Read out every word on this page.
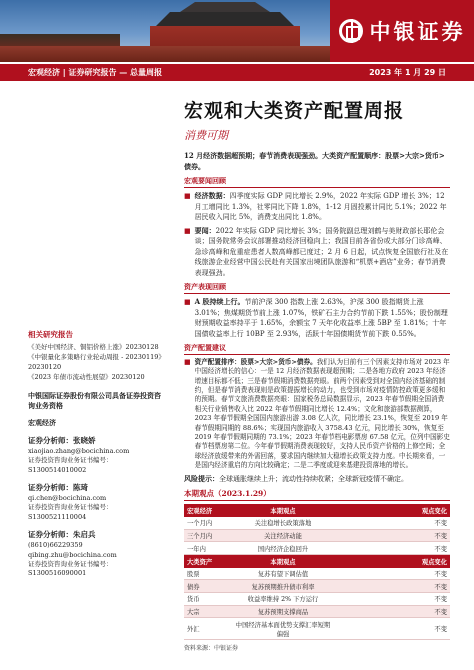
中银证券
宏观经济 | 证券研究报告 — 总量周报	2023 年 1 月 29 日
相关研究报告

《美好中国经济、铜铝价格上涨》20230128

《中银量化多策略行业轮动周报 - 20230119》20230120

《2023 年债市流动性展望》20230120

中银国际证券股份有限公司具备证券投资咨询业务资格
宏观经济
证券分析师：张晓娇
xiaojiao.zhang@bocichina.com
证券投资咨询业务证书编号：S1300514010002
证券分析师：陈琦
qi.chen@bocichina.com
证券投资咨询业务证书编号：S1300521110004
证券分析师：朱启兵
(8610)66229359
qibing.zhu@bocichina.com
证券投资咨询业务证书编号：S1300516090001
宏观和大类资产配置周报
消费可期
12 月经济数据超预期；春节消费表现强劲。大类资产配置顺序：股票>大宗>货币>债券。
宏观要闻回顾
■ 经济数据：四季度实际 GDP 同比增长 2.9%，2022 年实际 GDP 增长 3%；12 月工增同比 1.3%，社零同比下降 1.8%，1-12 月固投累计同比 5.1%；2022 年居民收入同比 5%，消费支出同比 1.8%。
■ 要闻：2022 年实际 GDP 同比增长 3%；国务院副总理刘鹤与美财政部长耶伦会谈；国务院常务会议部署推动经济回稳向上；我国目前各省份或大部分门诊高峰、急诊高峰和危重症患者人数高峰都已度过；2 月 6 日起，试点恢复全国旅行社及在线旅游企业经营中国公民赴有关国家出境团队旅游和“机票+酒店”业务；春节消费表现强劲。
资产表现回顾
■ A 股持续上行。节前沪深 300 指数上涨 2.63%，沪深 300 股指期货上涨 3.01%；焦煤期货节前上涨 1.07%，铁矿石主力合约节前下跌 1.55%；股份制理财预期收益率持平于 1.65%，余额宝 7 天年化收益率上涨 5BP 至 1.81%；十年国债收益率上行 10BP 至 2.93%，活跃十年国债期货节前下跌 0.55%。
资产配置建议
■ 资产配置排序：股票>大宗>货币>债券。我们认为目前有三个因素支持市场对 2023 年中国经济增长的信心：一是 12 月经济数据表现超预期；二是各地方政府 2023 年经济增速目标都不低；三是春节假期消费数据亮眼。前两个因素受到对全国内经济基础的制约，但是春节消费表现则是政策提振增长的动力，也受到市场对疫情防控政策更多缓和的预期。春节文旅消费数据亮眼：国家税务总局数据显示，2023 年春节假期全国消费相关行业销售收入比 2022 年春节假期同比增长 12.4%；文化和旅游部数据测算，2023 年春节假期全国国内旅游出游 3.08 亿人次，同比增长 23.1%，恢复至 2019 年春节假期同期的 88.6%；实现国内旅游收入 3758.43 亿元，同比增长 30%，恢复至 2019 年春节假期同期的 73.1%；2023 年春节档电影票房 67.58 亿元，位列中国影史春节档票房第二位。今年春节假期消费表现较好，支持人民币资产价格的上修空间；全球经济放缓带来的外需回落，要求国内继续加大稳增长政策支持力度。中长期来看，一是国内经济重启的方向比较确定；二是二季度或迎来基建投资落地的增长。
风险提示：全球通胀继续上升；流动性持续收紧；全球新冠疫情不确定。
本期观点（2023.1.29）
宏观经济	本期观点	观点变化
一个月内	关注稳增长政策落地	不变
三个月内	关注经济动能	不变
一年内	国内经济企稳回升	不变
大类资产	本期观点	观点变化
股票	复苏有望下调估值	不变
债券	复苏预期推升债市利率	不变
货币	收益率维持 2% 下方运行	不变
大宗	复苏预期支撑商品	不变
外汇	中国经济基本面优势支撑汇率短期偏强	不变
资料来源：中银证券
